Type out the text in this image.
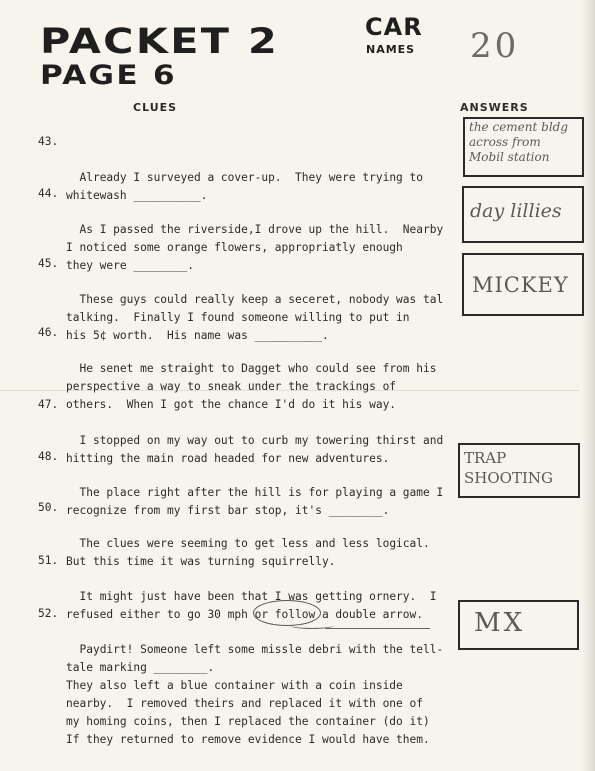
PACKET 2
PAGE 6
CAR
NAMES 20
CLUES	ANSWERS

43.

Already I surveyed a cover-up.  They were trying to
whitewash __________.

44.

As I passed the riverside,I drove up the hill.  Nearby
I noticed some orange flowers, appropriatly enough
they were ________.

45.

These guys could really keep a seceret, nobody was tal
talking.  Finally I found someone willing to put in
his 5¢ worth.  His name was __________.

46.

He senet me straight to Dagget who could see from his
perspective a way to sneak under the trackings of
others.  When I got the chance I'd do it his way.

47.

I stopped on my way out to curb my towering thirst and
hitting the main road headed for new adventures.

48.

The place right after the hill is for playing a game I
recognize from my first bar stop, it's ________.

50.

The clues were seeming to get less and less logical.
But this time it was turning squirrelly.

51.

It might just have been that I was getting ornery.  I
refused either to go 30 mph or follow a double arrow.

52.

Paydirt! Someone left some missle debri with the tell-
tale marking ________.
They also left a blue container with a coin inside
nearby.  I removed theirs and replaced it with one of
my homing coins, then I replaced the container (do it)
If they returned to remove evidence I would have them.

the cement bldg
across from
Mobil station
day lillies
MICKEY
TRAP
SHOOTING
MX
